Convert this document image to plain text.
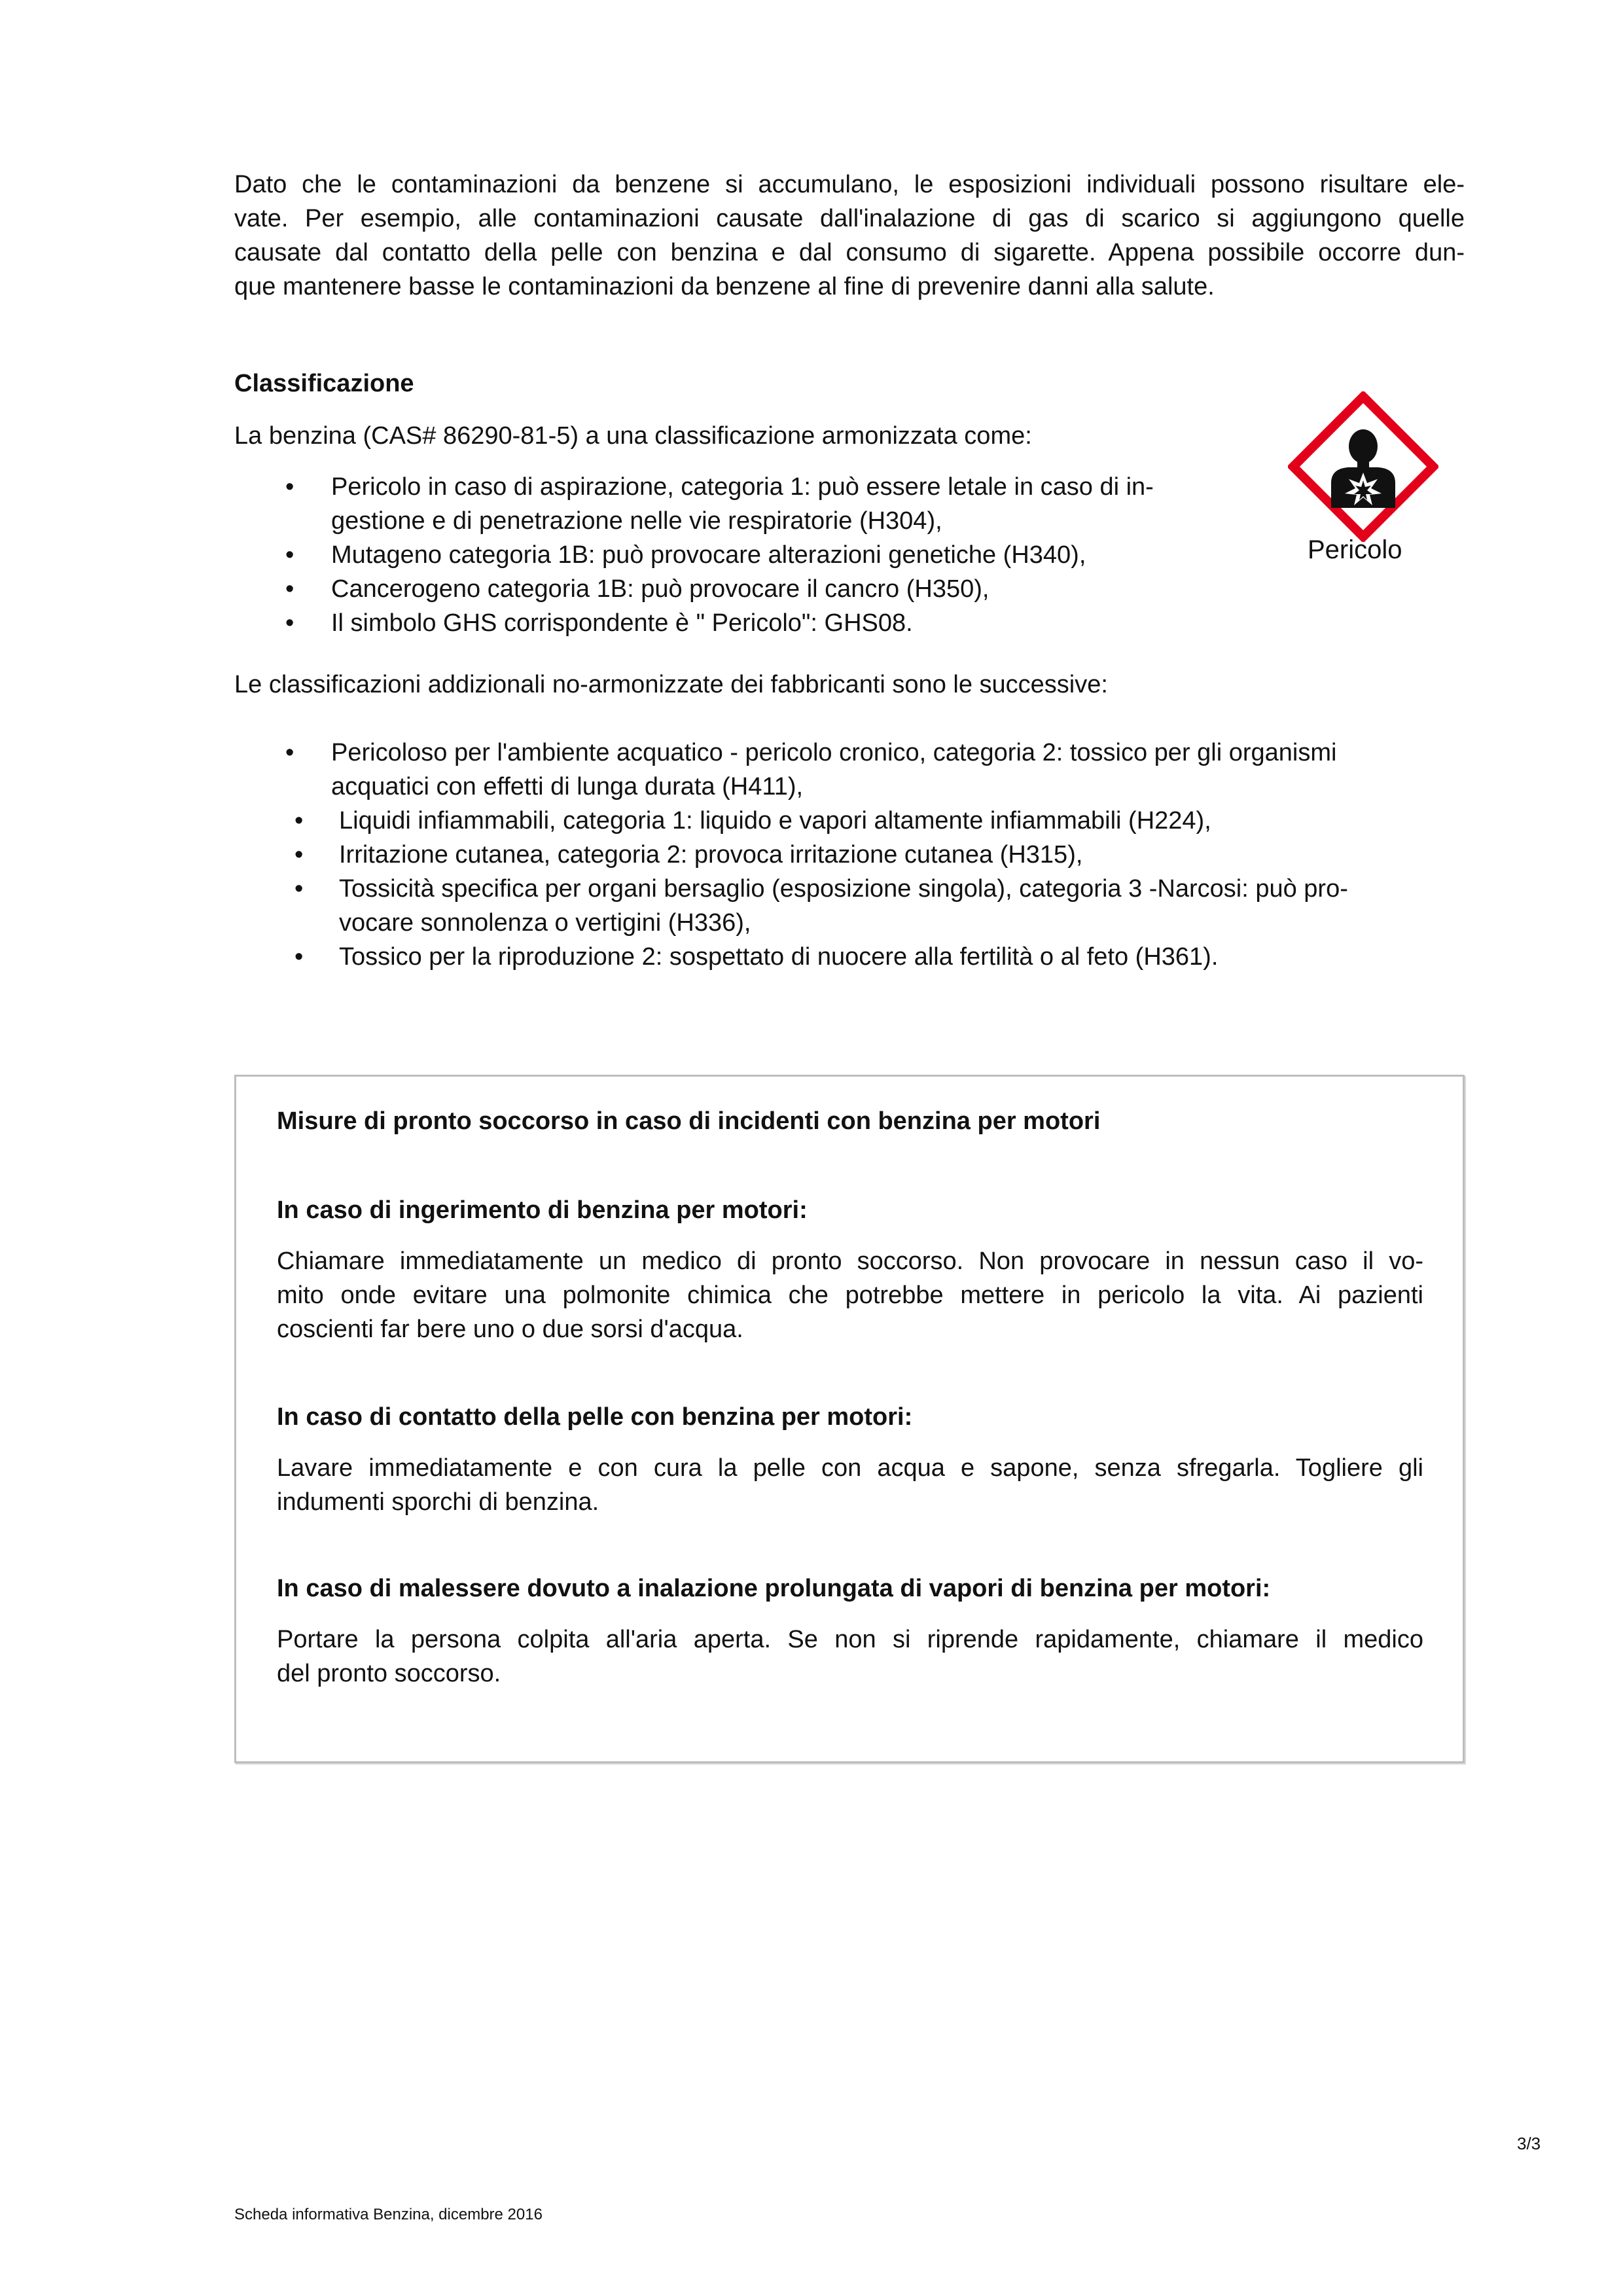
Dato che le contaminazioni da benzene si accumulano, le esposizioni individuali possono risultare ele-
vate. Per esempio, alle contaminazioni causate dall'inalazione di gas di scarico si aggiungono quelle
causate dal contatto della pelle con benzina e dal consumo di sigarette. Appena possibile occorre dun-
que mantenere basse le contaminazioni da benzene al fine di prevenire danni alla salute.

Classificazione

La benzina (CAS# 86290-81-5) a una classificazione armonizzata come:

• Pericolo in caso di aspirazione, categoria 1: può essere letale in caso di in-
gestione e di penetrazione nelle vie respiratorie (H304),
• Mutageno categoria 1B: può provocare alterazioni genetiche (H340),
• Cancerogeno categoria 1B: può provocare il cancro (H350),
• Il simbolo GHS corrispondente è " Pericolo": GHS08.

Pericolo

Le classificazioni addizionali no-armonizzate dei fabbricanti sono le successive:

• Pericoloso per l'ambiente acquatico - pericolo cronico, categoria 2: tossico per gli organismi
acquatici con effetti di lunga durata (H411),
• Liquidi infiammabili, categoria 1: liquido e vapori altamente infiammabili (H224),
• Irritazione cutanea, categoria 2: provoca irritazione cutanea (H315),
• Tossicità specifica per organi bersaglio (esposizione singola), categoria 3 -Narcosi: può pro-
vocare sonnolenza o vertigini (H336),
• Tossico per la riproduzione 2: sospettato di nuocere alla fertilità o al feto (H361).

Misure di pronto soccorso in caso di incidenti con benzina per motori

In caso di ingerimento di benzina per motori:

Chiamare immediatamente un medico di pronto soccorso. Non provocare in nessun caso il vo-
mito onde evitare una polmonite chimica che potrebbe mettere in pericolo la vita. Ai pazienti
coscienti far bere uno o due sorsi d'acqua.

In caso di contatto della pelle con benzina per motori:

Lavare immediatamente e con cura la pelle con acqua e sapone, senza sfregarla. Togliere gli
indumenti sporchi di benzina.

In caso di malessere dovuto a inalazione prolungata di vapori di benzina per motori:

Portare la persona colpita all'aria aperta. Se non si riprende rapidamente, chiamare il medico
del pronto soccorso.

3/3

Scheda informativa Benzina, dicembre 2016
